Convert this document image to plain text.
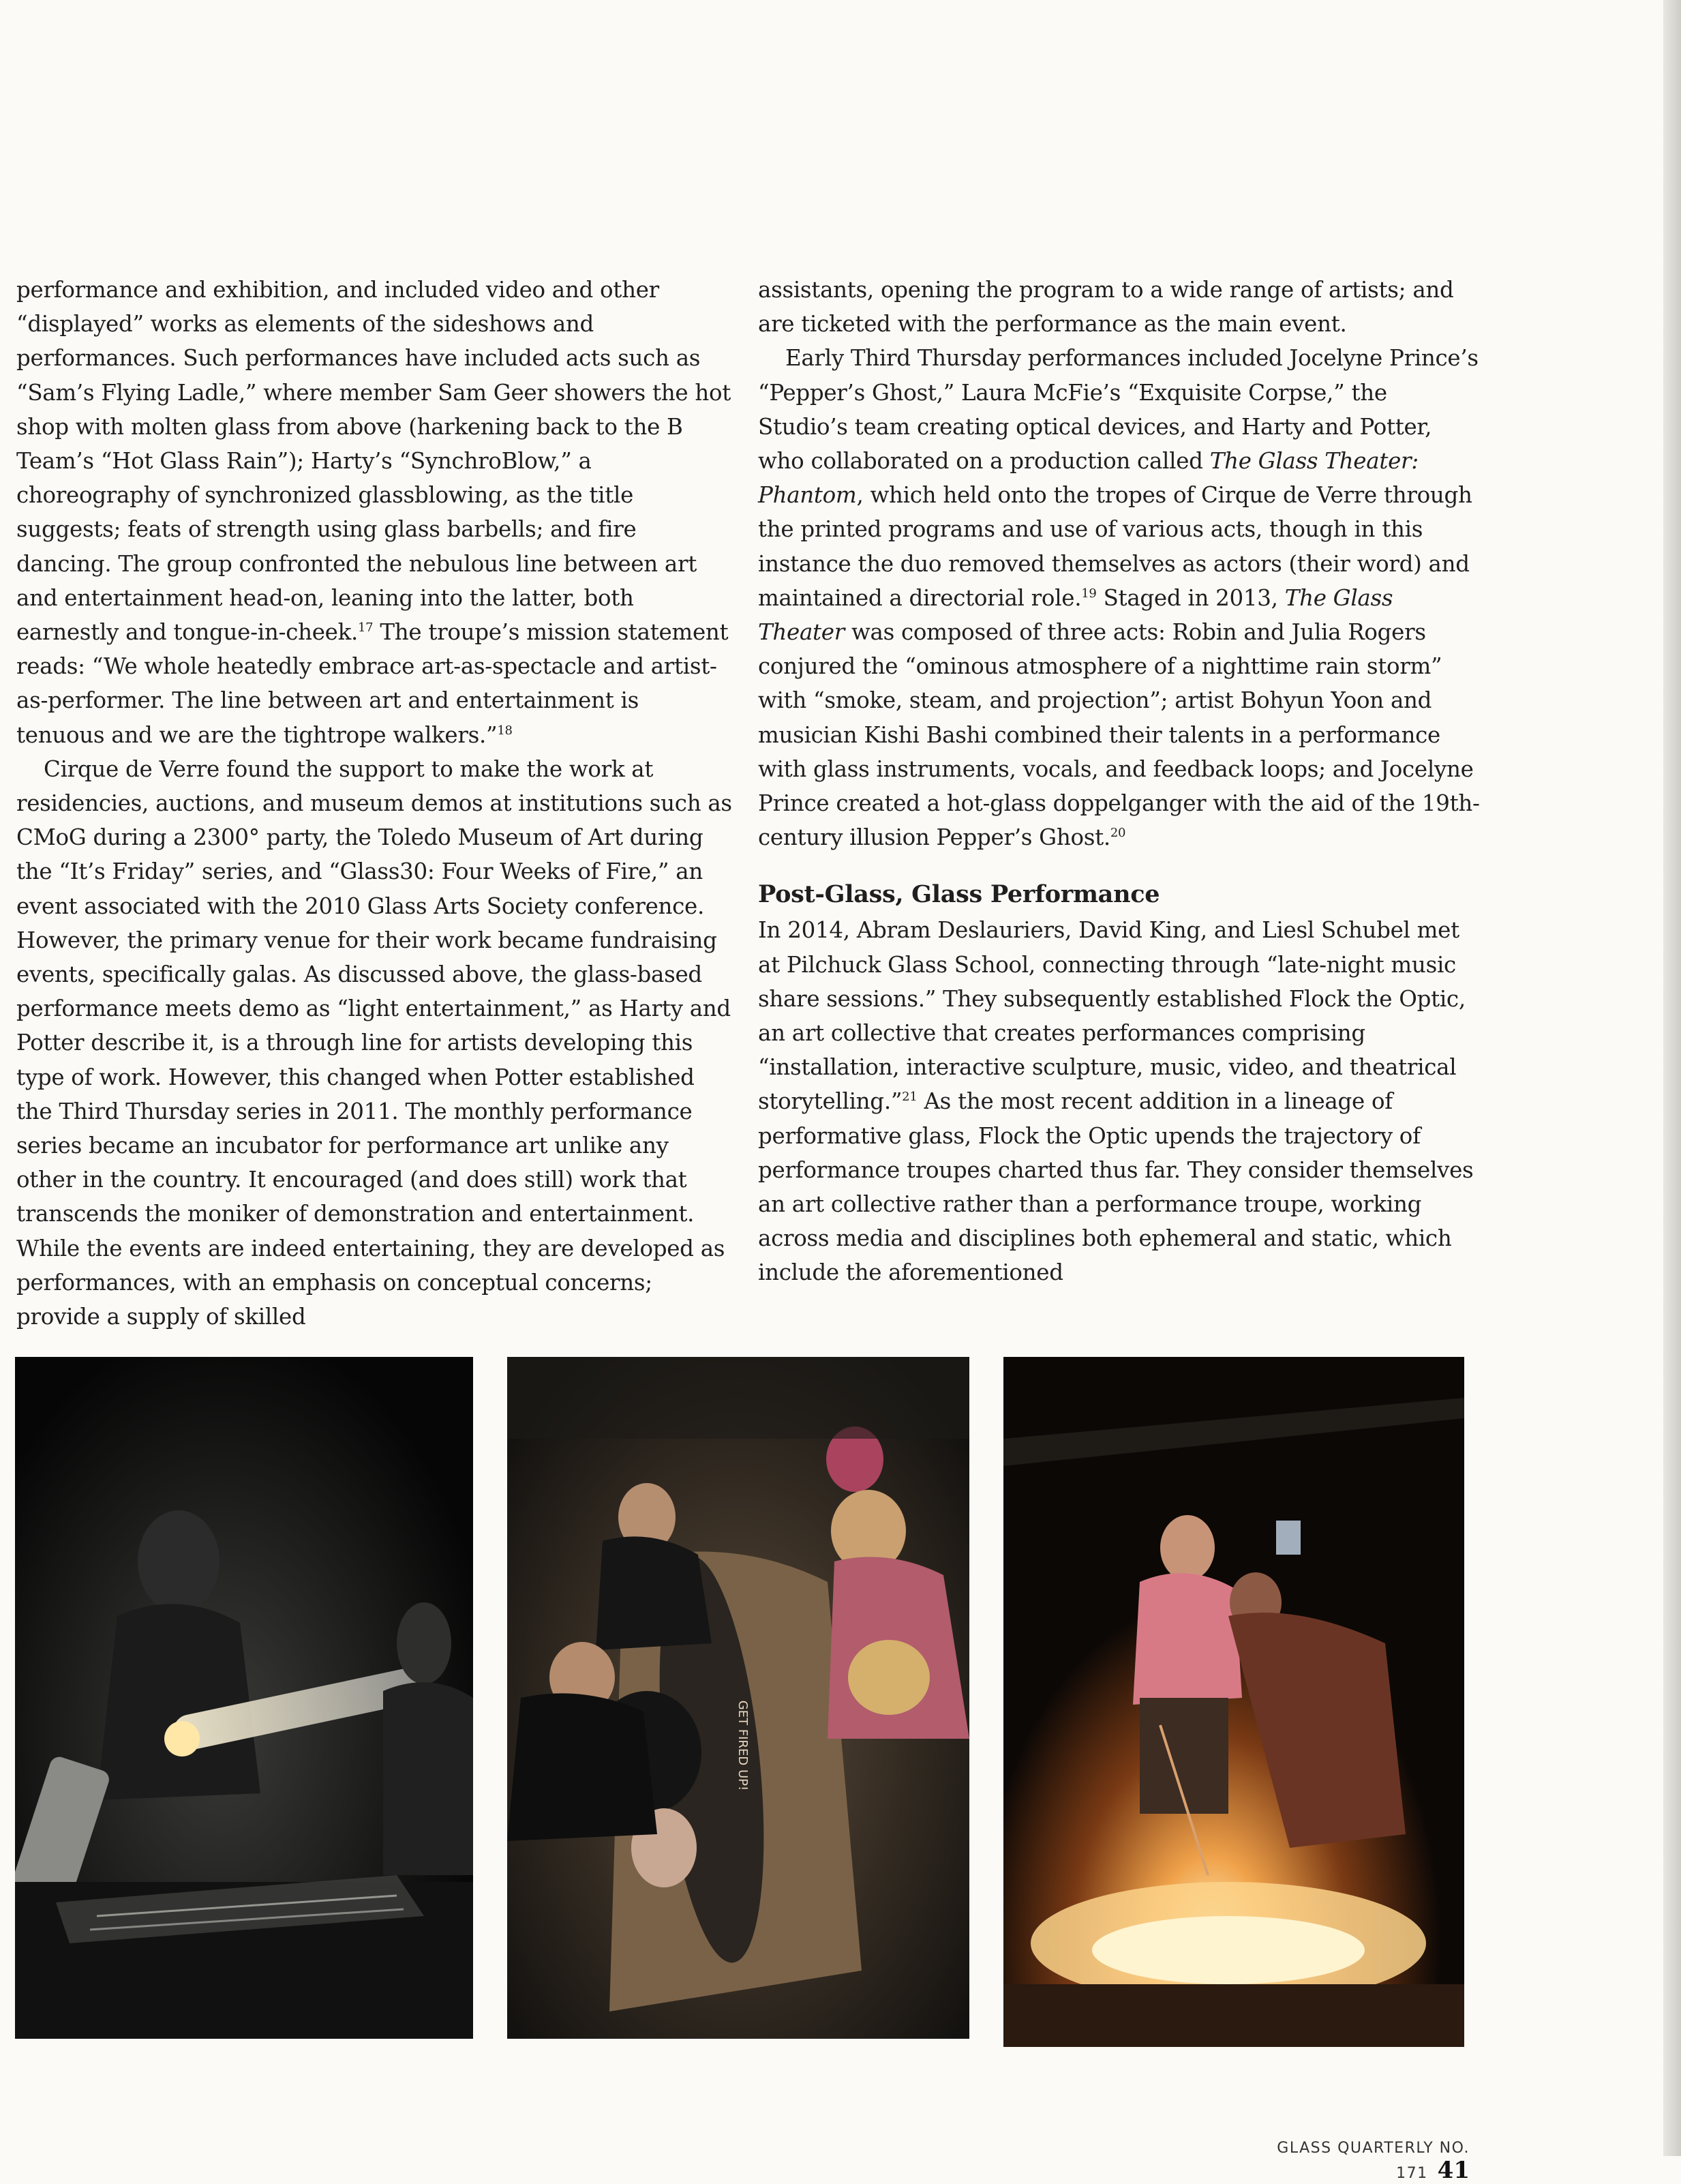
performance and exhibition, and included video and other “displayed” works as elements of the sideshows and performances. Such performances have included acts such as “Sam’s Flying Ladle,” where member Sam Geer showers the hot shop with molten glass from above (harkening back to the B Team’s “Hot Glass Rain”); Harty’s “SynchroBlow,” a choreography of synchronized glassblowing, as the title suggests; feats of strength using glass barbells; and fire dancing. The group confronted the nebulous line between art and entertainment head-on, leaning into the latter, both earnestly and tongue-in-cheek.$^{17}$ The troupe’s mission statement reads: “We whole heatedly embrace art-as-spectacle and artist-as-performer. The line between art and entertainment is tenuous and we are the tightrope walkers.”$^{18}$

Cirque de Verre found the support to make the work at residencies, auctions, and museum demos at institutions such as CMoG during a 2300° party, the Toledo Museum of Art during the “It’s Friday” series, and “Glass30: Four Weeks of Fire,” an event associated with the 2010 Glass Arts Society conference. However, the primary venue for their work became fundraising events, specifically galas. As discussed above, the glass-based performance meets demo as “light entertainment,” as Harty and Potter describe it, is a through line for artists developing this type of work. However, this changed when Potter established the Third Thursday series in 2011. The monthly performance series became an incubator for performance art unlike any other in the country. It encouraged (and does still) work that transcends the moniker of demonstration and entertainment. While the events are indeed entertaining, they are developed as performances, with an emphasis on conceptual concerns; provide a supply of skilled

assistants, opening the program to a wide range of artists; and are ticketed with the performance as the main event.

Early Third Thursday performances included Jocelyne Prince’s “Pepper’s Ghost,” Laura McFie’s “Exquisite Corpse,” the Studio’s team creating optical devices, and Harty and Potter, who collaborated on a production called The Glass Theater: Phantom, which held onto the tropes of Cirque de Verre through the printed programs and use of various acts, though in this instance the duo removed themselves as actors (their word) and maintained a directorial role.$^{19}$ Staged in 2013, The Glass Theater was composed of three acts: Robin and Julia Rogers conjured the “ominous atmosphere of a nighttime rain storm” with “smoke, steam, and projection”; artist Bohyun Yoon and musician Kishi Bashi combined their talents in a performance with glass instruments, vocals, and feedback loops; and Jocelyne Prince created a hot-glass doppelganger with the aid of the 19th-century illusion Pepper’s Ghost.$^{20}$

Post-Glass, Glass Performance

In 2014, Abram Deslauriers, David King, and Liesl Schubel met at Pilchuck Glass School, connecting through “late-night music share sessions.” They subsequently established Flock the Optic, an art collective that creates performances comprising “installation, interactive sculpture, music, video, and theatrical storytelling.”$^{21}$ As the most recent addition in a lineage of performative glass, Flock the Optic upends the trajectory of performance troupes charted thus far. They consider themselves an art collective rather than a performance troupe, working across media and disciplines both ephemeral and static, which include the aforementioned

GET FIRED UP!
GLASS QUARTERLY NO. 171 41
